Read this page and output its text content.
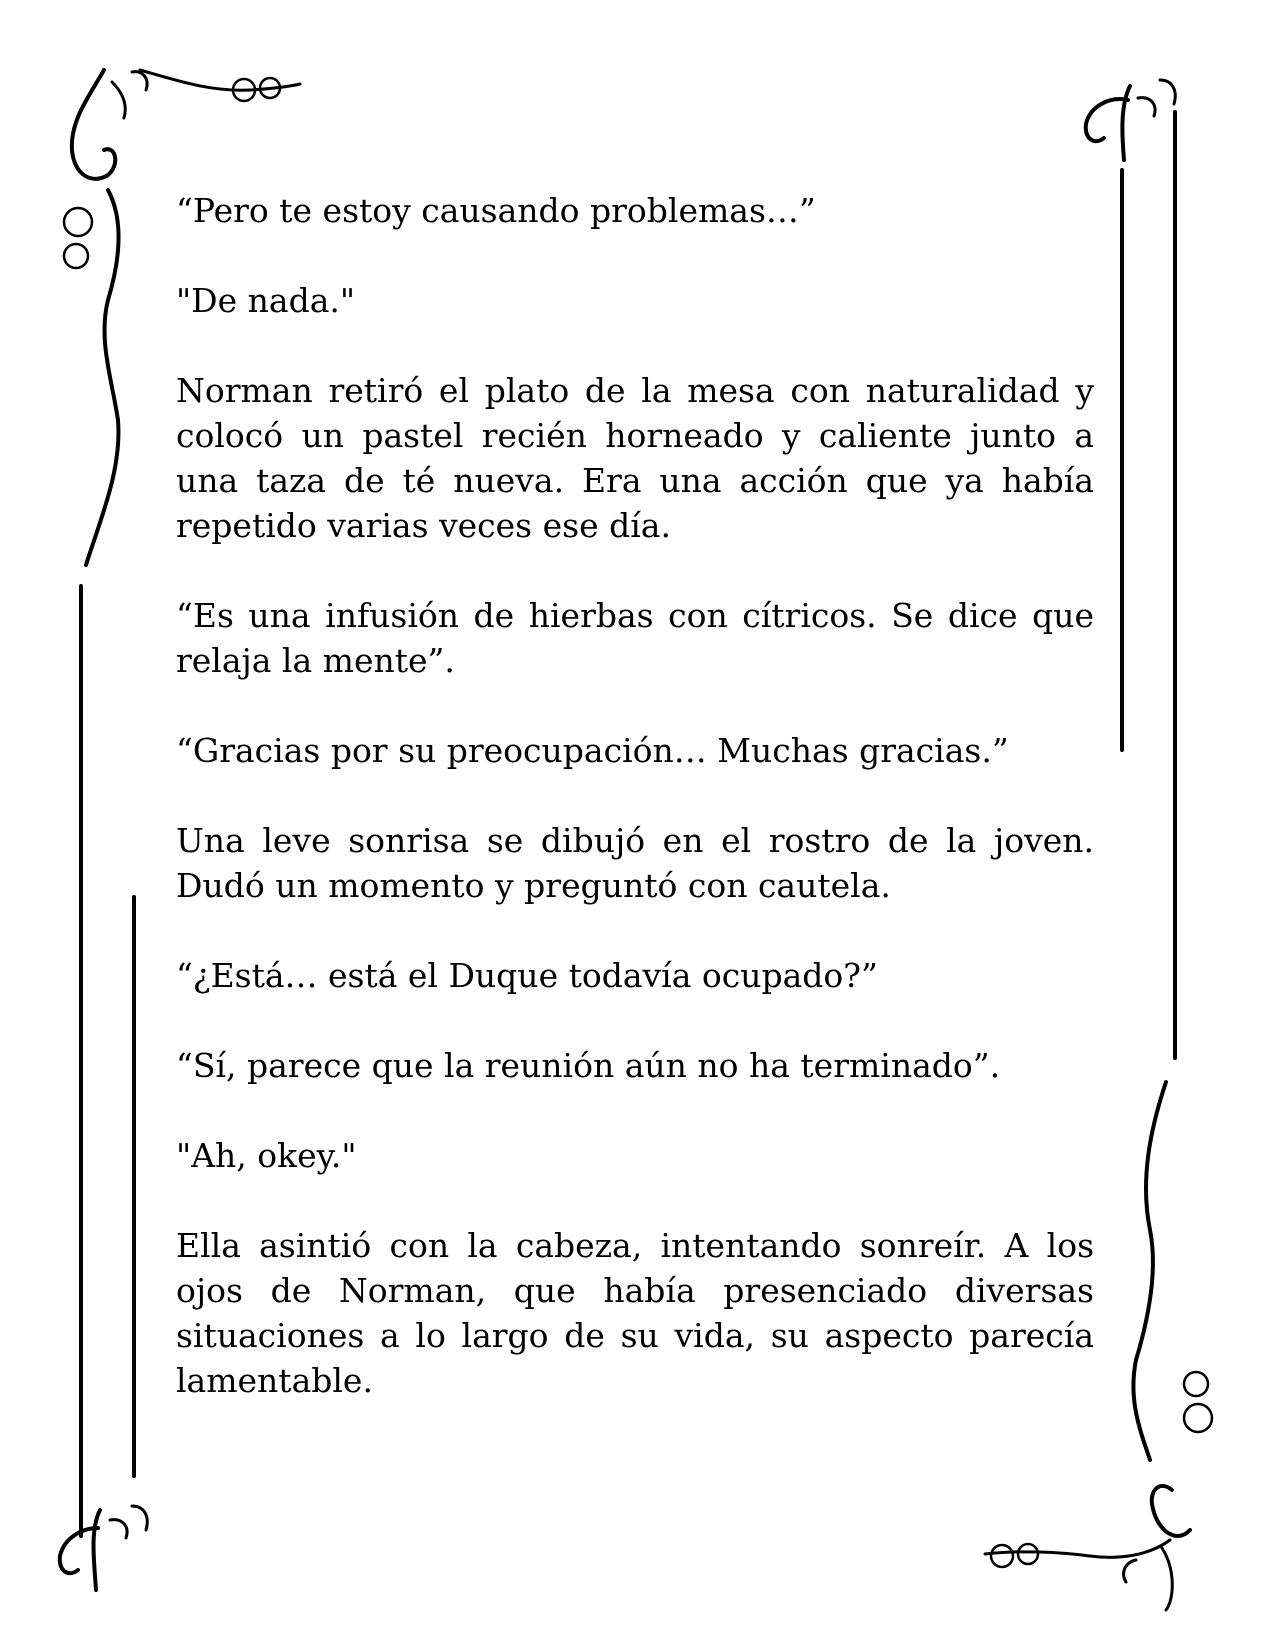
“Pero te estoy causando problemas…”

"De nada."

Norman retiró el plato de la mesa con naturalidad y colocó un pastel recién horneado y caliente junto a una taza de té nueva. Era una acción que ya había repetido varias veces ese día.

“Es una infusión de hierbas con cítricos. Se dice que relaja la mente”.

“Gracias por su preocupación… Muchas gracias.”

Una leve sonrisa se dibujó en el rostro de la joven. Dudó un momento y preguntó con cautela.

“¿Está… está el Duque todavía ocupado?”

“Sí, parece que la reunión aún no ha terminado”.

"Ah, okey."

Ella asintió con la cabeza, intentando sonreír. A los ojos de Norman, que había presenciado diversas situaciones a lo largo de su vida, su aspecto parecía lamentable.
